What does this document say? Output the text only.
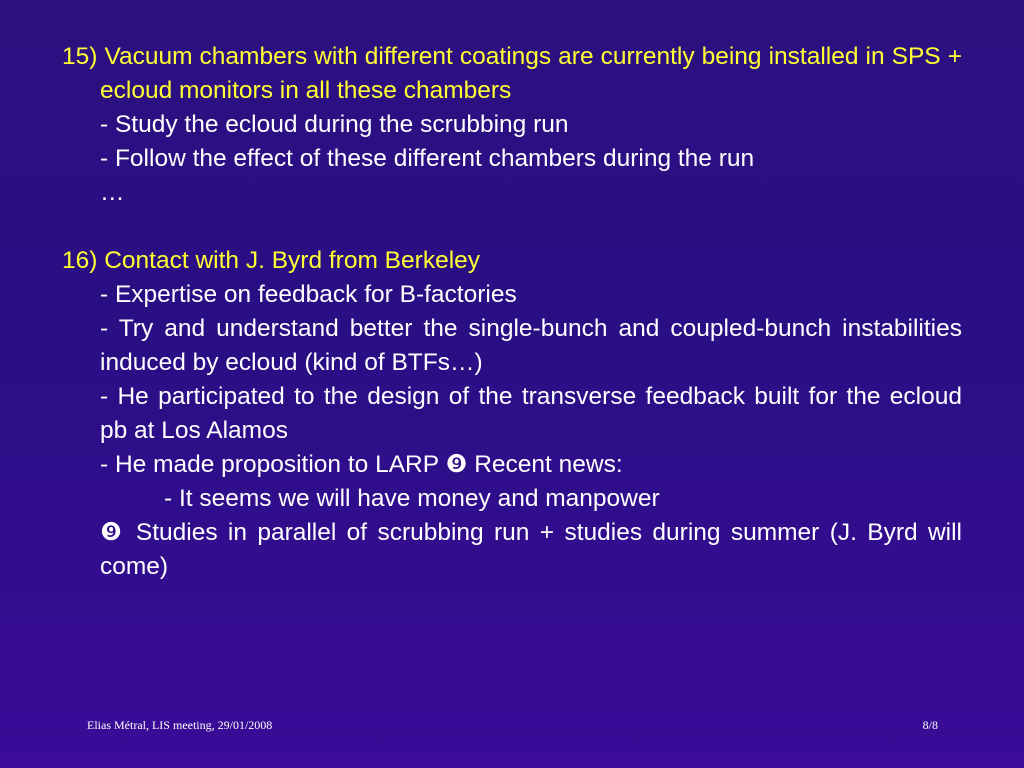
15) Vacuum chambers with different coatings are currently being installed in SPS + ecloud monitors in all these chambers
- Study the ecloud during the scrubbing run
- Follow the effect of these different chambers during the run
…
16) Contact with J. Byrd from Berkeley
- Expertise on feedback for B-factories
- Try and understand better the single-bunch and coupled-bunch instabilities induced by ecloud (kind of BTFs…)
- He participated to the design of the transverse feedback built for the ecloud pb at Los Alamos
- He made proposition to LARP ❾ Recent news:
- It seems we will have money and manpower
❾ Studies in parallel of scrubbing run + studies during summer (J. Byrd will come)
Elias Métral, LIS meeting, 29/01/2008	8/8
